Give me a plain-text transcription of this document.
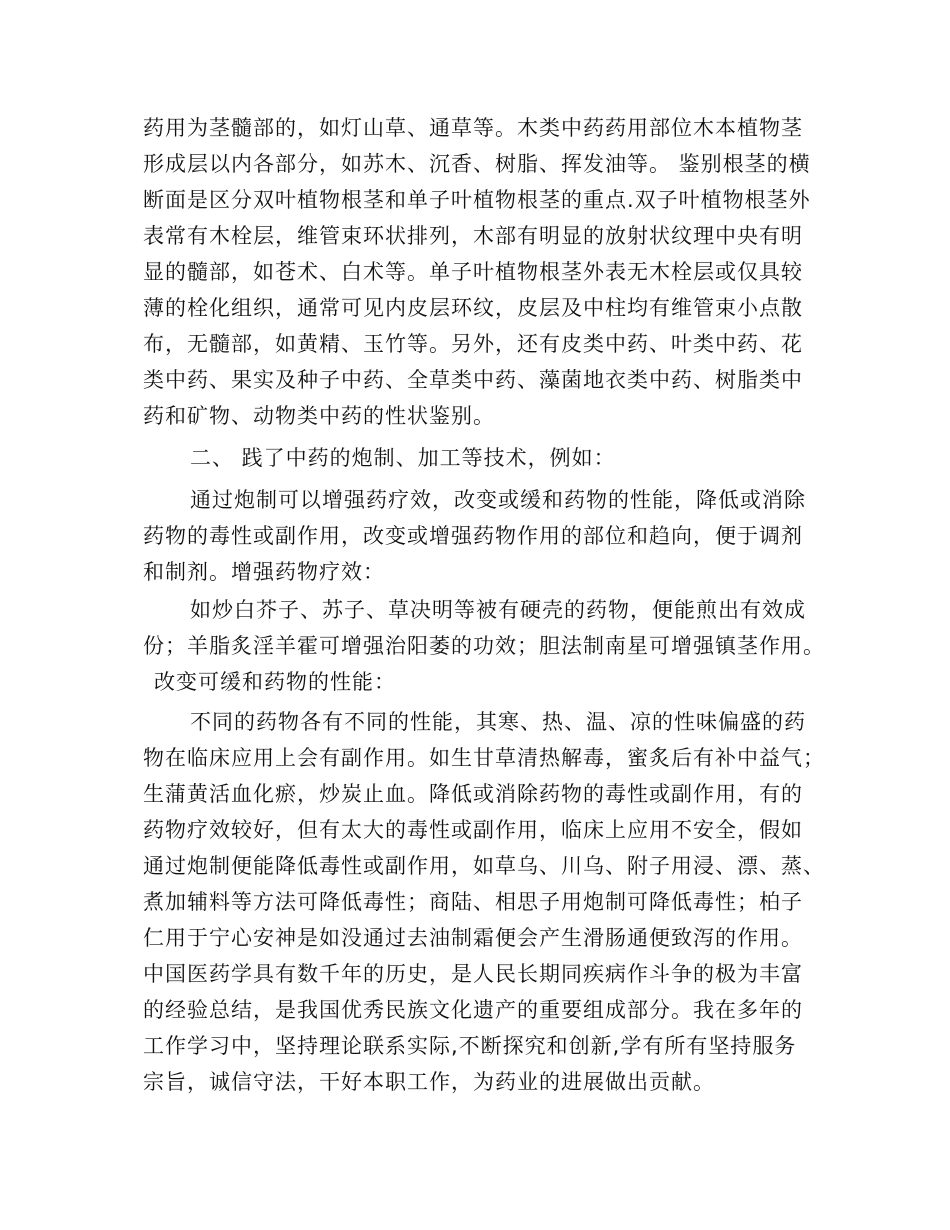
药用为茎髓部的，如灯山草、通草等。木类中药药用部位木本植物茎
形成层以内各部分，如苏木、沉香、树脂、挥发油等。 鉴别根茎的横
断面是区分双叶植物根茎和单子叶植物根茎的重点.双子叶植物根茎外
表常有木栓层，维管束环状排列，木部有明显的放射状纹理中央有明
显的髓部，如苍术、白术等。单子叶植物根茎外表无木栓层或仅具较
薄的栓化组织，通常可见内皮层环纹，皮层及中柱均有维管束小点散
布，无髓部，如黄精、玉竹等。另外，还有皮类中药、叶类中药、花
类中药、果实及种子中药、全草类中药、藻菌地衣类中药、树脂类中
药和矿物、动物类中药的性状鉴别。
二、 践了中药的炮制、加工等技术，例如：
通过炮制可以增强药疗效，改变或缓和药物的性能，降低或消除
药物的毒性或副作用，改变或增强药物作用的部位和趋向，便于调剂
和制剂。增强药物疗效：
如炒白芥子、苏子、草决明等被有硬壳的药物，便能煎出有效成
份；羊脂炙淫羊霍可增强治阳萎的功效；胆法制南星可增强镇茎作用。
改变可缓和药物的性能：
不同的药物各有不同的性能，其寒、热、温、凉的性味偏盛的药
物在临床应用上会有副作用。如生甘草清热解毒，蜜炙后有补中益气；
生蒲黄活血化瘀，炒炭止血。降低或消除药物的毒性或副作用，有的
药物疗效较好，但有太大的毒性或副作用，临床上应用不安全，假如
通过炮制便能降低毒性或副作用，如草乌、川乌、附子用浸、漂、蒸、
煮加辅料等方法可降低毒性；商陆、相思子用炮制可降低毒性；柏子
仁用于宁心安神是如没通过去油制霜便会产生滑肠通便致泻的作用。
中国医药学具有数千年的历史，是人民长期同疾病作斗争的极为丰富
的经验总结，是我国优秀民族文化遗产的重要组成部分。我在多年的
工作学习中，坚持理论联系实际,不断探究和创新,学有所有坚持服务
宗旨，诚信守法，干好本职工作，为药业的进展做出贡献。
